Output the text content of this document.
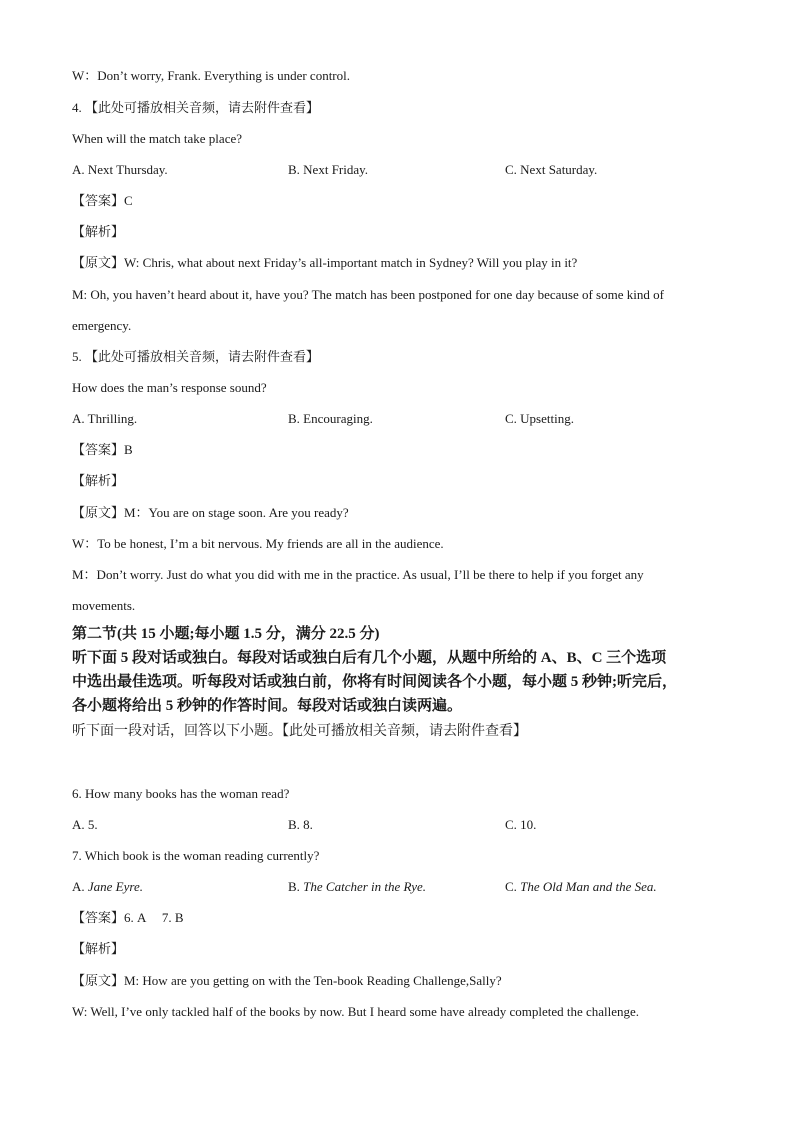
W：Don’t worry, Frank. Everything is under control.
4. 【此处可播放相关音频，请去附件查看】
When will the match take place?
A. Next Thursday.	B. Next Friday.	C. Next Saturday.
【答案】C
【解析】
【原文】W: Chris, what about next Friday’s all-important match in Sydney? Will you play in it?
M: Oh, you haven’t heard about it, have you? The match has been postponed for one day because of some kind of
emergency.
5. 【此处可播放相关音频，请去附件查看】
How does the man’s response sound?
A. Thrilling.	B. Encouraging.	C. Upsetting.
【答案】B
【解析】
【原文】M：You are on stage soon. Are you ready?
W：To be honest, I’m a bit nervous. My friends are all in the audience.
M：Don’t worry. Just do what you did with me in the practice. As usual, I’ll be there to help if you forget any
movements.
第二节(共 15 小题;每小题 1.5 分，满分 22.5 分)
听下面 5 段对话或独白。每段对话或独白后有几个小题，从题中所给的 A、B、C 三个选项
中选出最佳选项。听每段对话或独白前，你将有时间阅读各个小题，每小题 5 秒钟;听完后，
各小题将给出 5 秒钟的作答时间。每段对话或独白读两遍。
听下面一段对话，回答以下小题。【此处可播放相关音频，请去附件查看】
6. How many books has the woman read?
A. 5.	B. 8.	C. 10.
7. Which book is the woman reading currently?
A. Jane Eyre.	B. The Catcher in the Rye.	C. The Old Man and the Sea.
【答案】6. A     7. B
【解析】
【原文】M: How are you getting on with the Ten-book Reading Challenge,Sally?
W: Well, I’ve only tackled half of the books by now. But I heard some have already completed the challenge.
